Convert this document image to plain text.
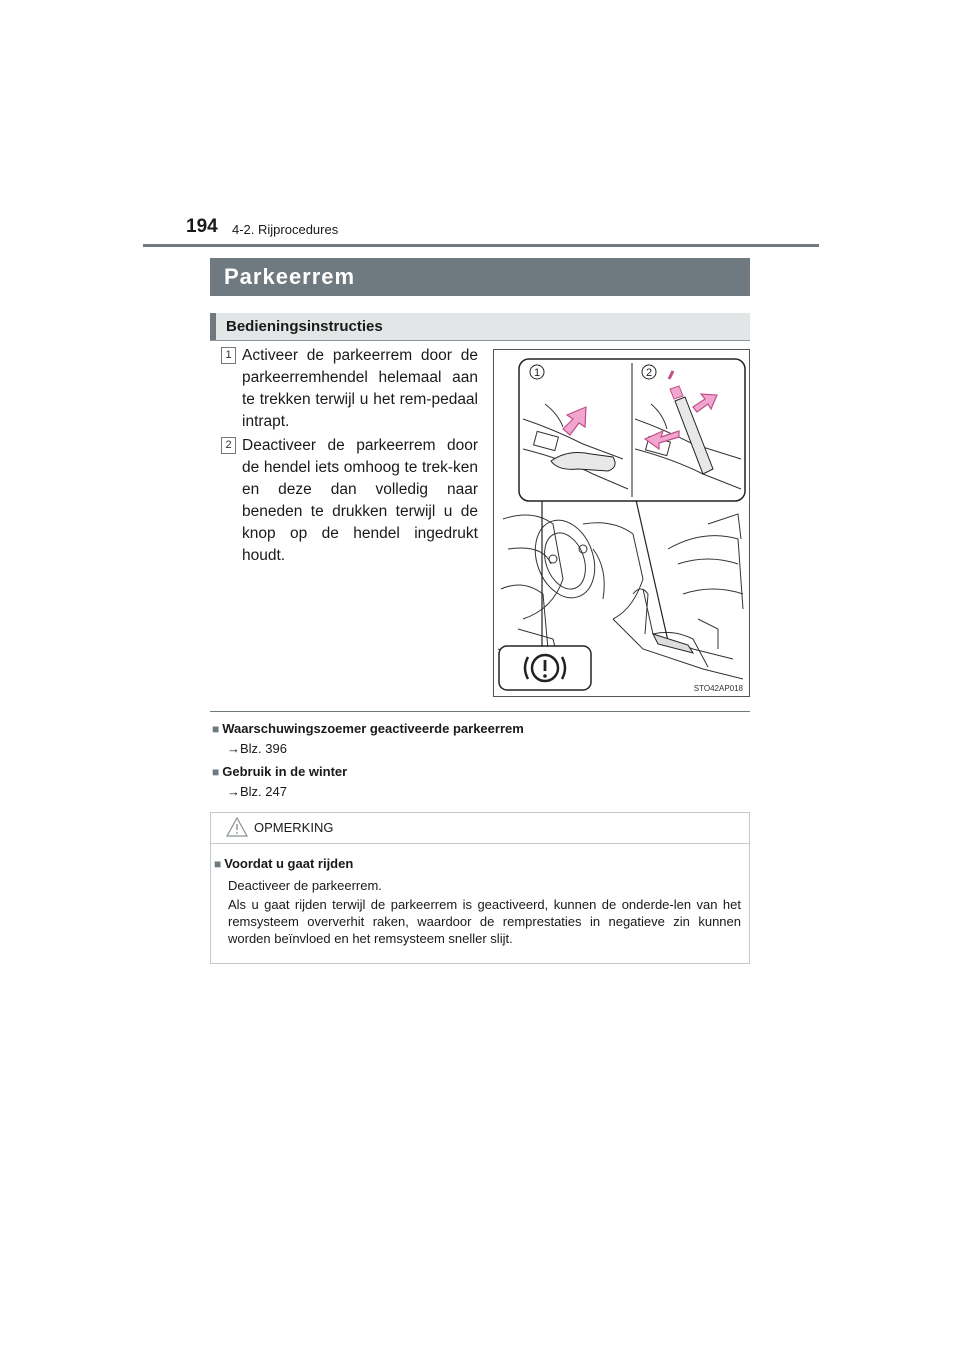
194 4-2. Rijprocedures
Parkeerrem
Bedieningsinstructies
1 Activeer de parkeerrem door de parkeerremhendel helemaal aan te trekken terwijl u het rem-pedaal intrapt.
2 Deactiveer de parkeerrem door de hendel iets omhoog te trek-ken en deze dan volledig naar beneden te drukken terwijl u de knop op de hendel ingedrukt houdt.
1	2
STO42AP018
■ Waarschuwingszoemer geactiveerde parkeerrem
→Blz. 396
■ Gebruik in de winter
→Blz. 247
OPMERKING
■ Voordat u gaat rijden
Deactiveer de parkeerrem.
Als u gaat rijden terwijl de parkeerrem is geactiveerd, kunnen de onderde-len van het remsysteem oververhit raken, waardoor de remprestaties in negatieve zin kunnen worden beïnvloed en het remsysteem sneller slijt.
